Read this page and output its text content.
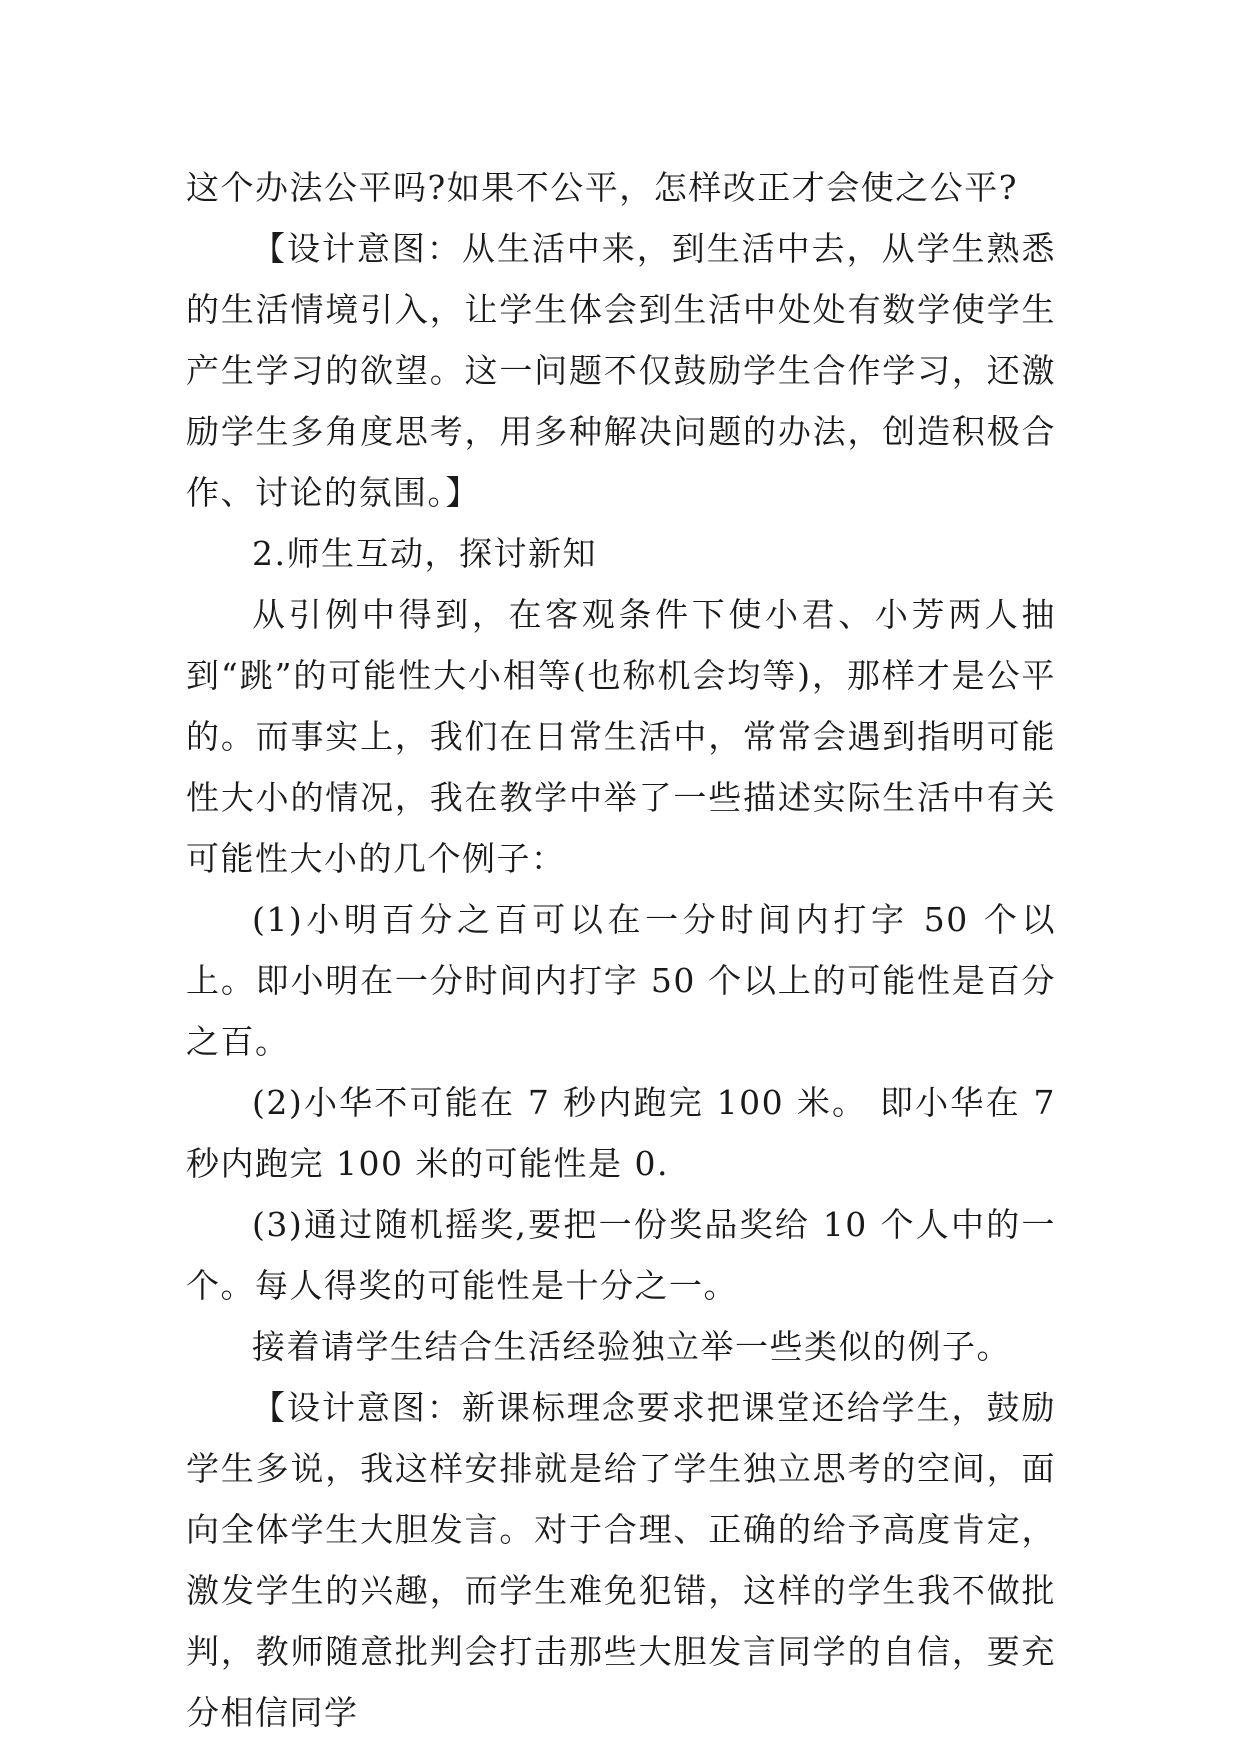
这个办法公平吗?如果不公平，怎样改正才会使之公平?

【设计意图：从生活中来，到生活中去，从学生熟悉的生活情境引入，让学生体会到生活中处处有数学使学生产生学习的欲望。这一问题不仅鼓励学生合作学习，还激励学生多角度思考，用多种解决问题的办法，创造积极合作、讨论的氛围。】

2.师生互动，探讨新知

从引例中得到，在客观条件下使小君、小芳两人抽到“跳”的可能性大小相等(也称机会均等)，那样才是公平的。而事实上，我们在日常生活中，常常会遇到指明可能性大小的情况，我在教学中举了一些描述实际生活中有关可能性大小的几个例子：

(1)小明百分之百可以在一分时间内打字 50 个以上。即小明在一分时间内打字 50 个以上的可能性是百分之百。

(2)小华不可能在 7 秒内跑完 100 米。 即小华在 7 秒内跑完 100 米的可能性是 0.

(3)通过随机摇奖,要把一份奖品奖给 10 个人中的一个。每人得奖的可能性是十分之一。

接着请学生结合生活经验独立举一些类似的例子。

【设计意图：新课标理念要求把课堂还给学生，鼓励学生多说，我这样安排就是给了学生独立思考的空间，面向全体学生大胆发言。对于合理、正确的给予高度肯定，激发学生的兴趣，而学生难免犯错，这样的学生我不做批判，教师随意批判会打击那些大胆发言同学的自信，要充分相信同学
